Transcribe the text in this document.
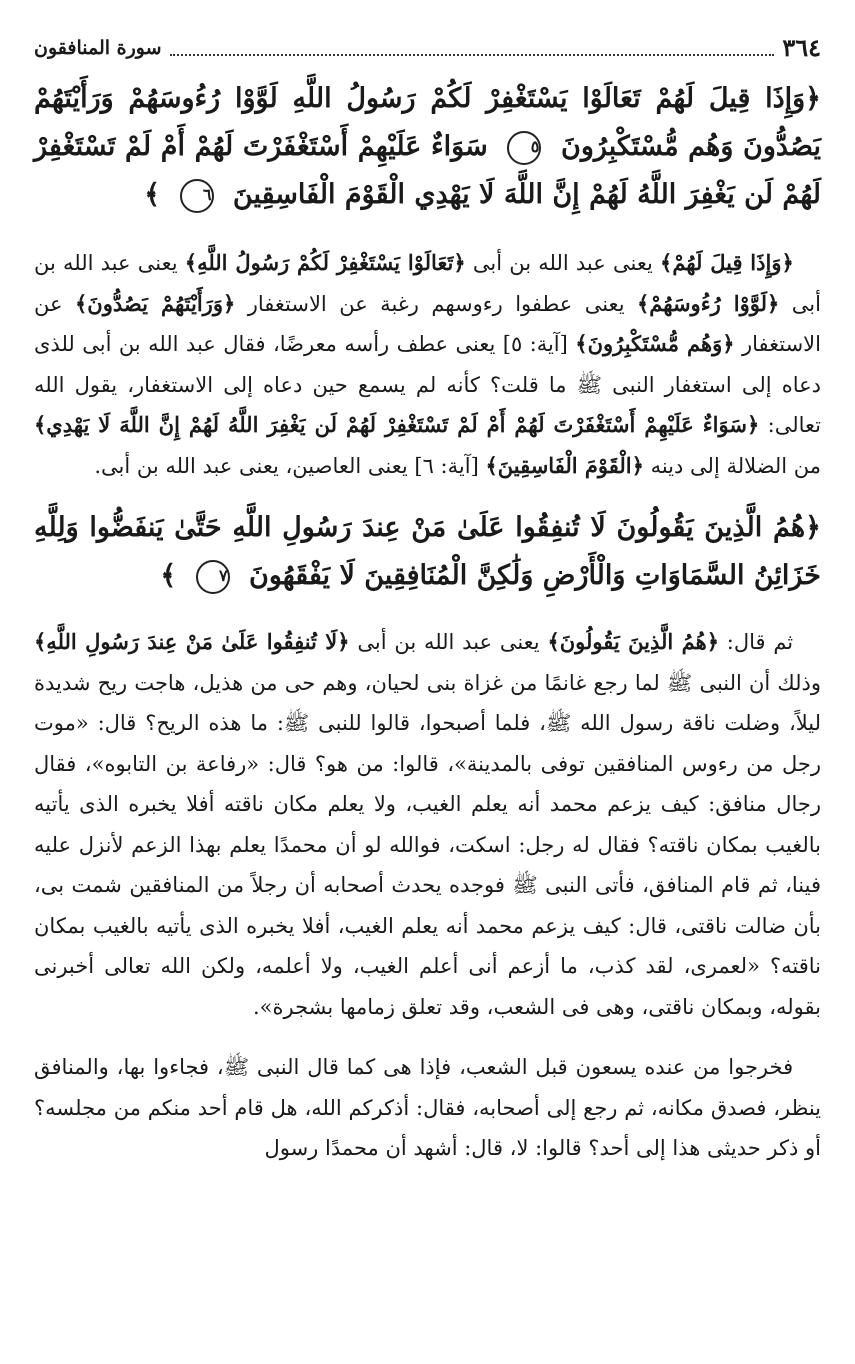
٣٦٤
سورة المنافقون

﴿وَإِذَا قِيلَ لَهُمْ تَعَالَوْا يَسْتَغْفِرْ لَكُمْ رَسُولُ اللَّهِ لَوَّوْا رُءُوسَهُمْ وَرَأَيْتَهُمْ يَصُدُّونَ وَهُم مُّسْتَكْبِرُونَ ٥ سَوَاءٌ عَلَيْهِمْ أَسْتَغْفَرْتَ لَهُمْ أَمْ لَمْ تَسْتَغْفِرْ لَهُمْ لَن يَغْفِرَ اللَّهُ لَهُمْ إِنَّ اللَّهَ لَا يَهْدِي الْقَوْمَ الْفَاسِقِينَ ٦ ﴾

﴿وَإِذَا قِيلَ لَهُمْ﴾ يعنى عبد الله بن أبى ﴿تَعَالَوْا يَسْتَغْفِرْ لَكُمْ رَسُولُ اللَّهِ﴾ يعنى عبد الله بن أبى ﴿لَوَّوْا رُءُوسَهُمْ﴾ يعنى عطفوا رءوسهم رغبة عن الاستغفار ﴿وَرَأَيْتَهُمْ يَصُدُّونَ﴾ عن الاستغفار ﴿وَهُم مُّسْتَكْبِرُونَ﴾ [آية: ٥] يعنى عطف رأسه معرضًا، فقال عبد الله بن أبى للذى دعاه إلى استغفار النبى ﷺ ما قلت؟ كأنه لم يسمع حين دعاه إلى الاستغفار، يقول الله تعالى: ﴿سَوَاءٌ عَلَيْهِمْ أَسْتَغْفَرْتَ لَهُمْ أَمْ لَمْ تَسْتَغْفِرْ لَهُمْ لَن يَغْفِرَ اللَّهُ لَهُمْ إِنَّ اللَّهَ لَا يَهْدِي﴾ من الضلالة إلى دينه ﴿الْقَوْمَ الْفَاسِقِينَ﴾ [آية: ٦] يعنى العاصين، يعنى عبد الله بن أبى.

﴿هُمُ الَّذِينَ يَقُولُونَ لَا تُنفِقُوا عَلَىٰ مَنْ عِندَ رَسُولِ اللَّهِ حَتَّىٰ يَنفَضُّوا وَلِلَّهِ خَزَائِنُ السَّمَاوَاتِ وَالْأَرْضِ وَلَٰكِنَّ الْمُنَافِقِينَ لَا يَفْقَهُونَ ٧ ﴾

ثم قال: ﴿هُمُ الَّذِينَ يَقُولُونَ﴾ يعنى عبد الله بن أبى ﴿لَا تُنفِقُوا عَلَىٰ مَنْ عِندَ رَسُولِ اللَّهِ﴾ وذلك أن النبى ﷺ لما رجع غانمًا من غزاة بنى لحيان، وهم حى من هذيل، هاجت ريح شديدة ليلاً، وضلت ناقة رسول الله ﷺ، فلما أصبحوا، قالوا للنبى ﷺ: ما هذه الريح؟ قال: «موت رجل من رءوس المنافقين توفى بالمدينة»، قالوا: من هو؟ قال: «رفاعة بن التابوه»، فقال رجال منافق: كيف يزعم محمد أنه يعلم الغيب، ولا يعلم مكان ناقته أفلا يخبره الذى يأتيه بالغيب بمكان ناقته؟ فقال له رجل: اسكت، فوالله لو أن محمدًا يعلم بهذا الزعم لأنزل عليه فينا، ثم قام المنافق، فأتى النبى ﷺ فوجده يحدث أصحابه أن رجلاً من المنافقين شمت بى، بأن ضالت ناقتى، قال: كيف يزعم محمد أنه يعلم الغيب، أفلا يخبره الذى يأتيه بالغيب بمكان ناقته؟ «لعمرى، لقد كذب، ما أزعم أنى أعلم الغيب، ولا أعلمه، ولكن الله تعالى أخبرنى بقوله، وبمكان ناقتى، وهى فى الشعب، وقد تعلق زمامها بشجرة».

فخرجوا من عنده يسعون قبل الشعب، فإذا هى كما قال النبى ﷺ، فجاءوا بها، والمنافق ينظر، فصدق مكانه، ثم رجع إلى أصحابه، فقال: أذكركم الله، هل قام أحد منكم من مجلسه؟ أو ذكر حديثى هذا إلى أحد؟ قالوا: لا، قال: أشهد أن محمدًا رسول
